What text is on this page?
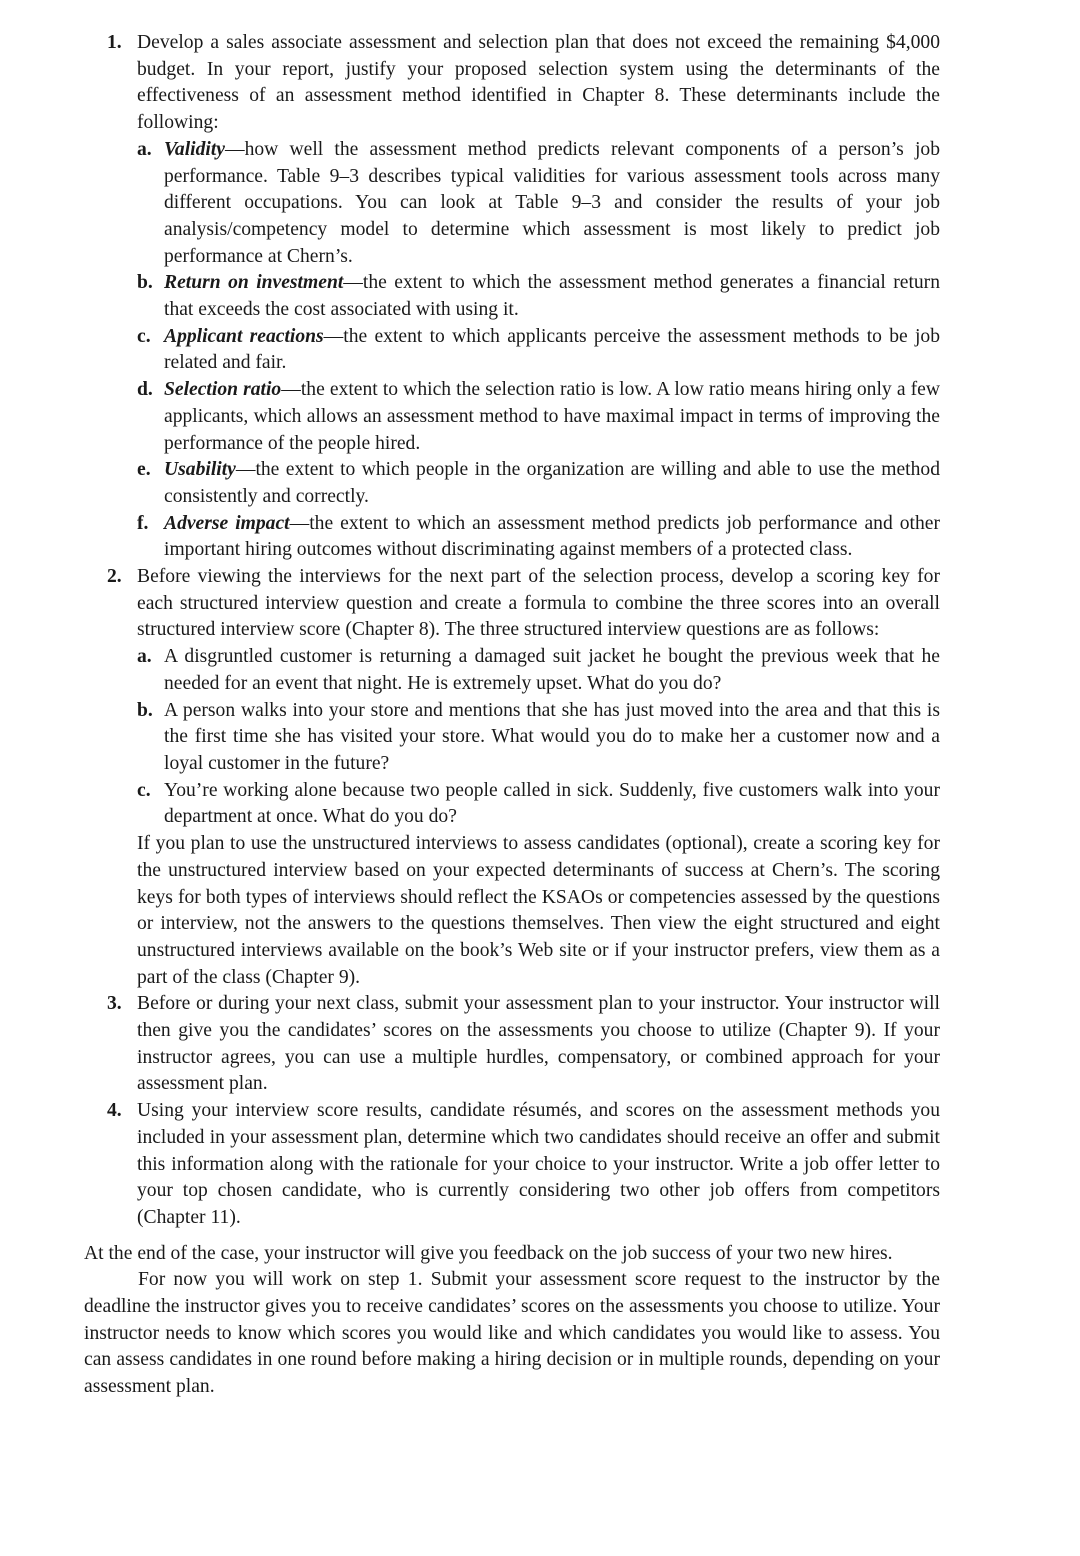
1. Develop a sales associate assessment and selection plan that does not exceed the remaining $4,000 budget. In your report, justify your proposed selection system using the determinants of the effectiveness of an assessment method identified in Chapter 8. These determinants include the following:
a. Validity—how well the assessment method predicts relevant components of a person’s job performance. Table 9–3 describes typical validities for various assessment tools across many different occupations. You can look at Table 9–3 and consider the results of your job analysis/competency model to determine which assessment is most likely to predict job performance at Chern’s.
b. Return on investment—the extent to which the assessment method generates a financial return that exceeds the cost associated with using it.
c. Applicant reactions—the extent to which applicants perceive the assessment methods to be job related and fair.
d. Selection ratio—the extent to which the selection ratio is low. A low ratio means hiring only a few applicants, which allows an assessment method to have maximal impact in terms of improving the performance of the people hired.
e. Usability—the extent to which people in the organization are willing and able to use the method consistently and correctly.
f. Adverse impact—the extent to which an assessment method predicts job performance and other important hiring outcomes without discriminating against members of a protected class.
2. Before viewing the interviews for the next part of the selection process, develop a scoring key for each structured interview question and create a formula to combine the three scores into an overall structured interview score (Chapter 8). The three structured interview questions are as follows:
a. A disgruntled customer is returning a damaged suit jacket he bought the previous week that he needed for an event that night. He is extremely upset. What do you do?
b. A person walks into your store and mentions that she has just moved into the area and that this is the first time she has visited your store. What would you do to make her a customer now and a loyal customer in the future?
c. You’re working alone because two people called in sick. Suddenly, five customers walk into your department at once. What do you do?
If you plan to use the unstructured interviews to assess candidates (optional), create a scoring key for the unstructured interview based on your expected determinants of success at Chern’s. The scoring keys for both types of interviews should reflect the KSAOs or competencies assessed by the questions or interview, not the answers to the questions themselves. Then view the eight structured and eight unstructured interviews available on the book’s Web site or if your instructor prefers, view them as a part of the class (Chapter 9).
3. Before or during your next class, submit your assessment plan to your instructor. Your instructor will then give you the candidates’ scores on the assessments you choose to utilize (Chapter 9). If your instructor agrees, you can use a multiple hurdles, compensatory, or combined approach for your assessment plan.
4. Using your interview score results, candidate résumés, and scores on the assessment methods you included in your assessment plan, determine which two candidates should receive an offer and submit this information along with the rationale for your choice to your instructor. Write a job offer letter to your top chosen candidate, who is currently considering two other job offers from competitors (Chapter 11).
At the end of the case, your instructor will give you feedback on the job success of your two new hires.
For now you will work on step 1. Submit your assessment score request to the instructor by the deadline the instructor gives you to receive candidates’ scores on the assessments you choose to utilize. Your instructor needs to know which scores you would like and which candidates you would like to assess. You can assess candidates in one round before making a hiring decision or in multiple rounds, depending on your assessment plan.
